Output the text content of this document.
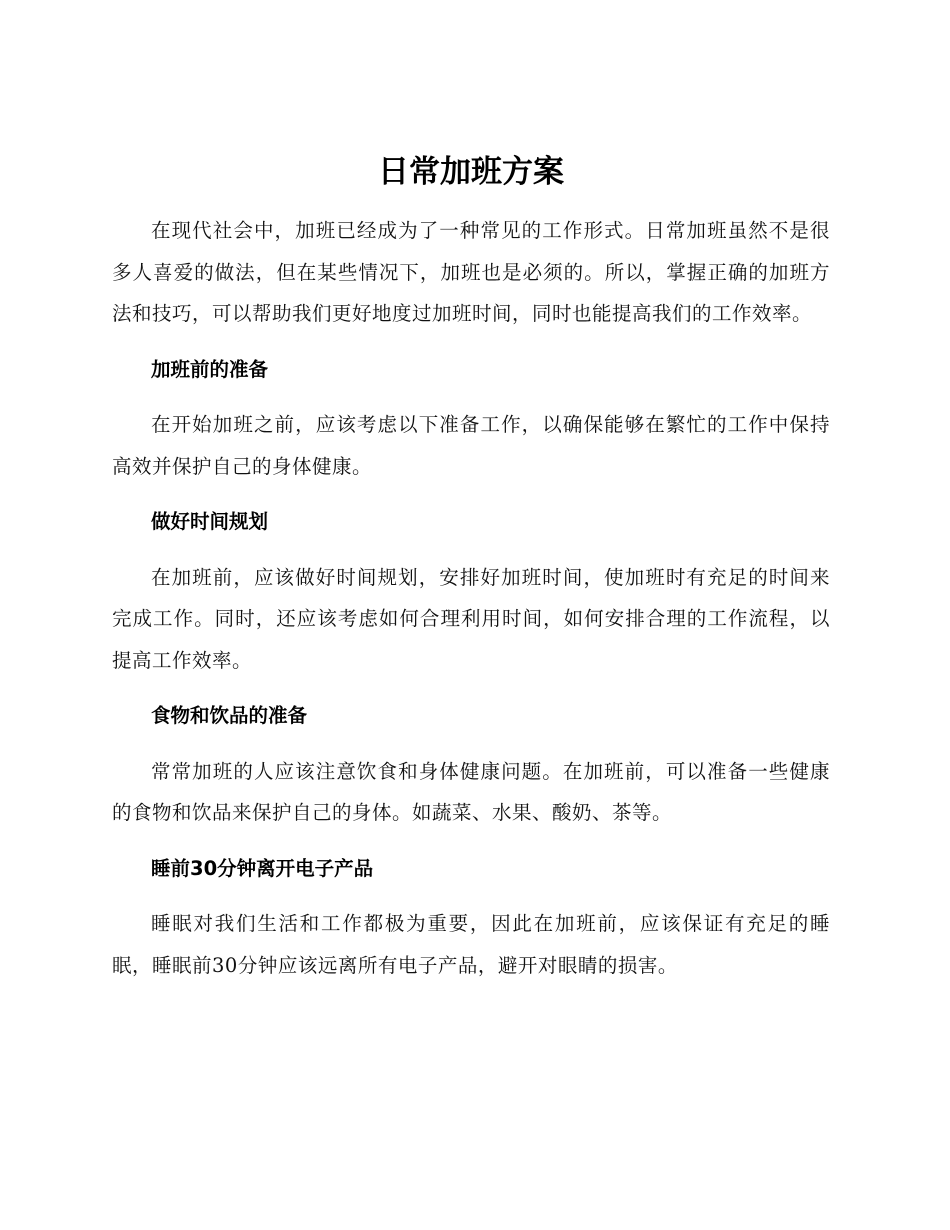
日常加班方案

在现代社会中，加班已经成为了一种常见的工作形式。日常加班虽然不是很多人喜爱的做法，但在某些情况下，加班也是必须的。所以，掌握正确的加班方法和技巧，可以帮助我们更好地度过加班时间，同时也能提高我们的工作效率。

加班前的准备

在开始加班之前，应该考虑以下准备工作，以确保能够在繁忙的工作中保持高效并保护自己的身体健康。

做好时间规划

在加班前，应该做好时间规划，安排好加班时间，使加班时有充足的时间来完成工作。同时，还应该考虑如何合理利用时间，如何安排合理的工作流程，以提高工作效率。

食物和饮品的准备

常常加班的人应该注意饮食和身体健康问题。在加班前，可以准备一些健康的食物和饮品来保护自己的身体。如蔬菜、水果、酸奶、茶等。

睡前30分钟离开电子产品

睡眠对我们生活和工作都极为重要，因此在加班前，应该保证有充足的睡眠，睡眠前30分钟应该远离所有电子产品，避开对眼睛的损害。
